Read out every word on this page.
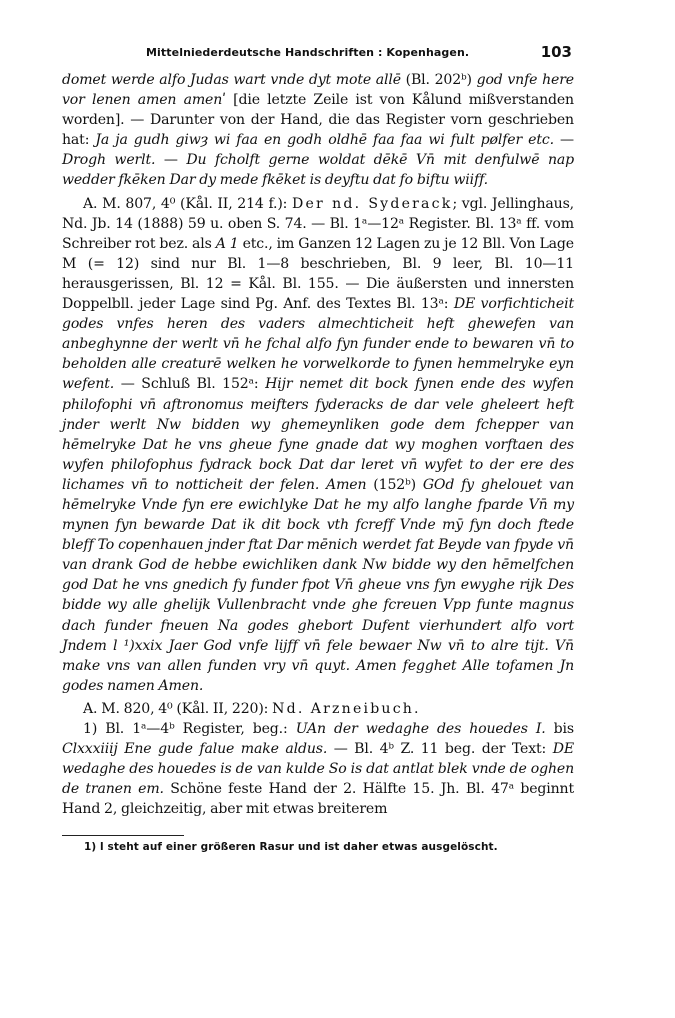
Mittelniederdeutsche Handschriften : Kopenhagen.	103

domet werde alfo Judas wart vnde dyt mote allē (Bl. 202ᵇ) god vnfe here vor lenen amen amenʹ [die letzte Zeile ist von Kålund mißverstanden worden]. — Darunter von der Hand, die das Register vorn geschrieben hat: Ja ja gudh giwȝ wi faa en godh oldhē faa faa wi fult pølfer etc. — Drogh werlt. — Du fcholft gerne woldat dēkē Vn̄ mit denfulwē nap wedder fkēken Dar dy mede fkēket is deyftu dat fo biftu wiiff.

A. M. 807, 4⁰ (Kål. II, 214 f.): Der nd. Syderack; vgl. Jellinghaus, Nd. Jb. 14 (1888) 59 u. oben S. 74. — Bl. 1ᵃ—12ᵃ Register. Bl. 13ᵃ ff. vom Schreiber rot bez. als A 1 etc., im Ganzen 12 Lagen zu je 12 Bll. Von Lage M (= 12) sind nur Bl. 1—8 beschrieben, Bl. 9 leer, Bl. 10—11 herausgerissen, Bl. 12 = Kål. Bl. 155. — Die äußersten und innersten Doppelbll. jeder Lage sind Pg. Anf. des Textes Bl. 13ᵃ: DE vorfichticheit godes vnfes heren des vaders almechticheit heft ghewefen van anbeghynne der werlt vn̄ he fchal alfo fyn funder ende to bewaren vn̄ to beholden alle creaturē welken he vorwelkorde to fynen hemmelryke eyn wefent. — Schluß Bl. 152ᵃ: Hijr nemet dit bock fynen ende des wyfen philofophi vn̄ aftronomus meifters fyderacks de dar vele gheleert heft jnder werlt Nw bidden wy ghemeynliken gode dem fchepper van hēmelryke Dat he vns gheue fyne gnade dat wy moghen vorftaen des wyfen philofophus fydrack bock Dat dar leret vn̄ wyfet to der ere des lichames vn̄ to notticheit der felen. Amen (152ᵇ) GOd fy ghelouet van hēmelryke Vnde fyn ere ewichlyke Dat he my alfo langhe fparde Vn̄ my mynen fyn bewarde Dat ik dit bock vth fcreff Vnde mȳ fyn doch ftede bleff To copenhauen jnder ftat Dar mēnich werdet fat Beyde van fpyde vn̄ van drank God de hebbe ewichliken dank Nw bidde wy den hēmelfchen god Dat he vns gnedich fy funder fpot Vn̄ gheue vns fyn ewyghe rijk Des bidde wy alle ghelijk Vullenbracht vnde ghe fcreuen Vpp funte magnus dach funder fneuen Na godes ghebort Dufent vierhundert alfo vort Jndem l ¹)xxix Jaer God vnfe lijff vn̄ fele bewaer Nw vn̄ to alre tijt. Vn̄ make vns van allen funden vry vn̄ quyt. Amen fegghet Alle tofamen Jn godes namen Amen.

A. M. 820, 4⁰ (Kål. II, 220): Nd. Arzneibuch.

1) Bl. 1ᵃ—4ᵇ Register, beg.: UAn der wedaghe des houedes I. bis Clxxxiiij Ene gude falue make aldus. — Bl. 4ᵇ Z. 11 beg. der Text: DE wedaghe des houedes is de van kulde So is dat antlat blek vnde de oghen de tranen em. Schöne feste Hand der 2. Hälfte 15. Jh. Bl. 47ᵃ beginnt Hand 2, gleichzeitig, aber mit etwas breiterem

1) l steht auf einer größeren Rasur und ist daher etwas ausgelöscht.
